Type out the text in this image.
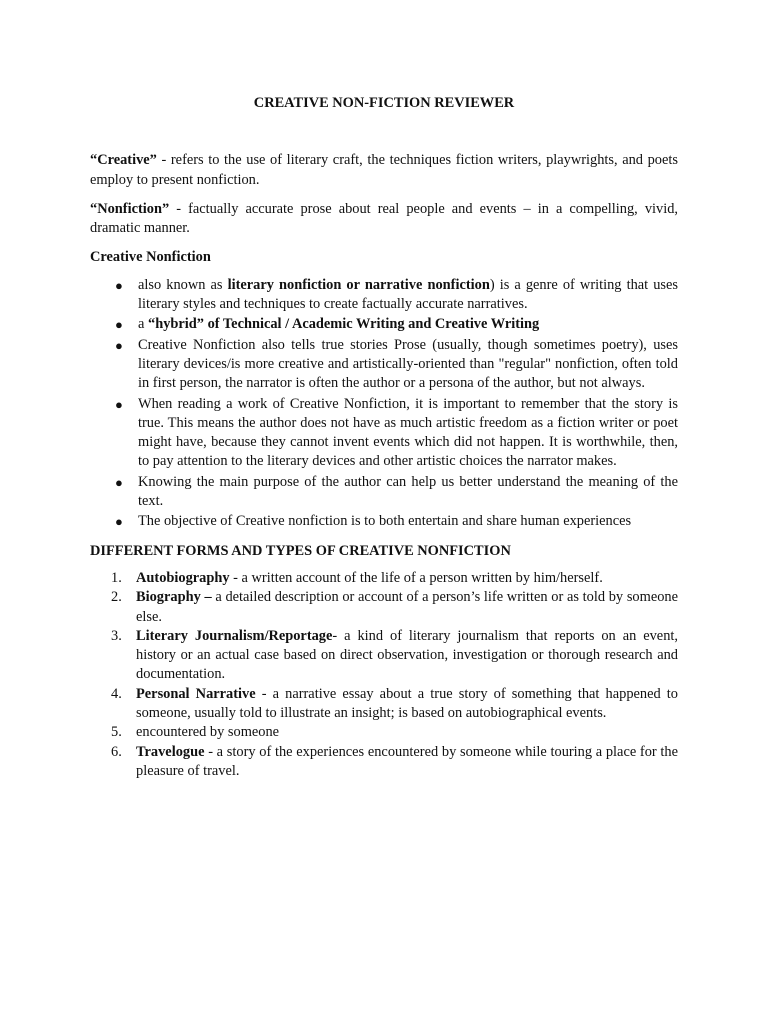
CREATIVE NON-FICTION REVIEWER

“Creative” - refers to the use of literary craft, the techniques fiction writers, playwrights, and poets employ to present nonfiction.

“Nonfiction” - factually accurate prose about real people and events – in a compelling, vivid, dramatic manner.

Creative Nonfiction

● also known as literary nonfiction or narrative nonfiction) is a genre of writing that uses literary styles and techniques to create factually accurate narratives.
● a “hybrid” of Technical / Academic Writing and Creative Writing
● Creative Nonfiction also tells true stories Prose (usually, though sometimes poetry), uses literary devices/is more creative and artistically-oriented than "regular" nonfiction, often told in first person, the narrator is often the author or a persona of the author, but not always.
● When reading a work of Creative Nonfiction, it is important to remember that the story is true. This means the author does not have as much artistic freedom as a fiction writer or poet might have, because they cannot invent events which did not happen. It is worthwhile, then, to pay attention to the literary devices and other artistic choices the narrator makes.
● Knowing the main purpose of the author can help us better understand the meaning of the text.
● The objective of Creative nonfiction is to both entertain and share human experiences

DIFFERENT FORMS AND TYPES OF CREATIVE NONFICTION

1. Autobiography - a written account of the life of a person written by him/herself.
2. Biography – a detailed description or account of a person’s life written or as told by someone else.
3. Literary Journalism/Reportage- a kind of literary journalism that reports on an event, history or an actual case based on direct observation, investigation or thorough research and documentation.
4. Personal Narrative - a narrative essay about a true story of something that happened to someone, usually told to illustrate an insight; is based on autobiographical events.
5. encountered by someone
6. Travelogue - a story of the experiences encountered by someone while touring a place for the pleasure of travel.
